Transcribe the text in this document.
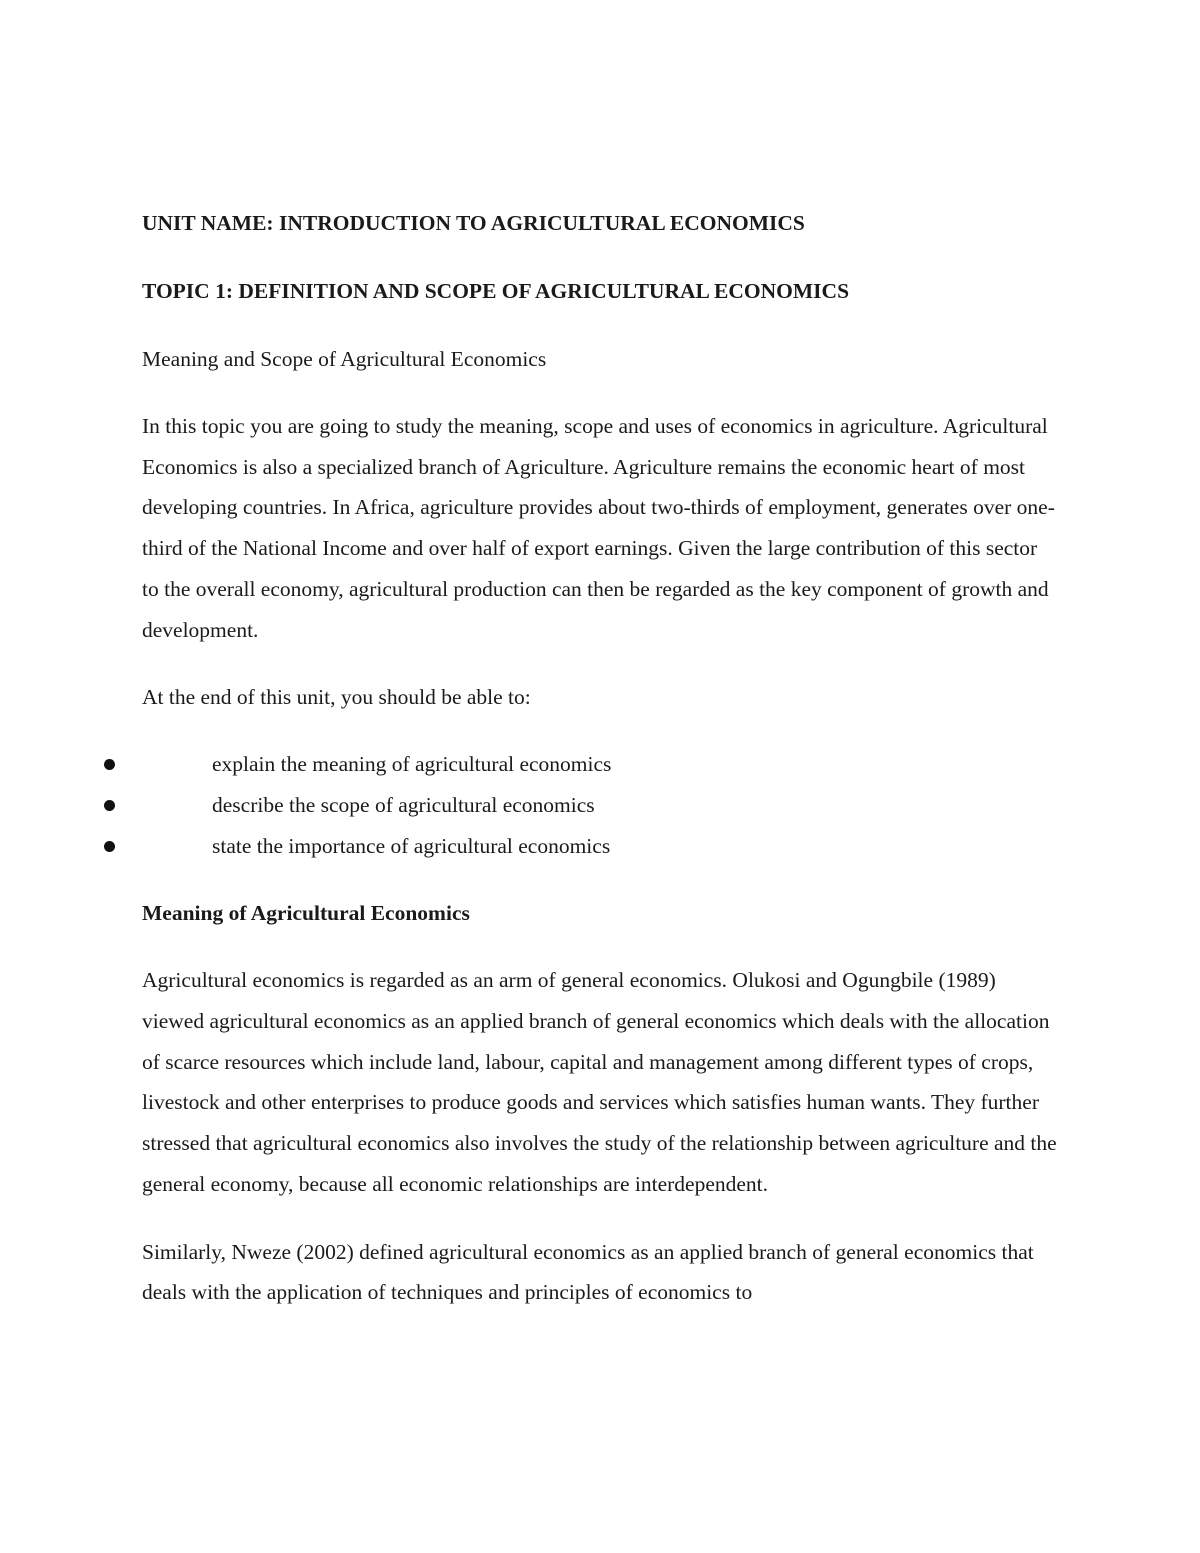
UNIT NAME: INTRODUCTION TO AGRICULTURAL ECONOMICS

TOPIC 1: DEFINITION AND SCOPE OF AGRICULTURAL ECONOMICS

Meaning and Scope of Agricultural Economics

In this topic you are going to study the meaning, scope and uses of economics in agriculture. Agricultural Economics is also a specialized branch of Agriculture. Agriculture remains the economic heart of most developing countries. In Africa, agriculture provides about two-thirds of employment, generates over one-third of the National Income and over half of export earnings. Given the large contribution of this sector to the overall economy, agricultural production can then be regarded as the key component of growth and development.

At the end of this unit, you should be able to:

explain the meaning of agricultural economics
describe the scope of agricultural economics
state the importance of agricultural economics

Meaning of Agricultural Economics

Agricultural economics is regarded as an arm of general economics. Olukosi and Ogungbile (1989) viewed agricultural economics as an applied branch of general economics which deals with the allocation of scarce resources which include land, labour, capital and management among different types of crops, livestock and other enterprises to produce goods and services which satisfies human wants. They further stressed that agricultural economics also involves the study of the relationship between agriculture and the general economy, because all economic relationships are interdependent.

Similarly, Nweze (2002) defined agricultural economics as an applied branch of general economics that deals with the application of techniques and principles of economics to
